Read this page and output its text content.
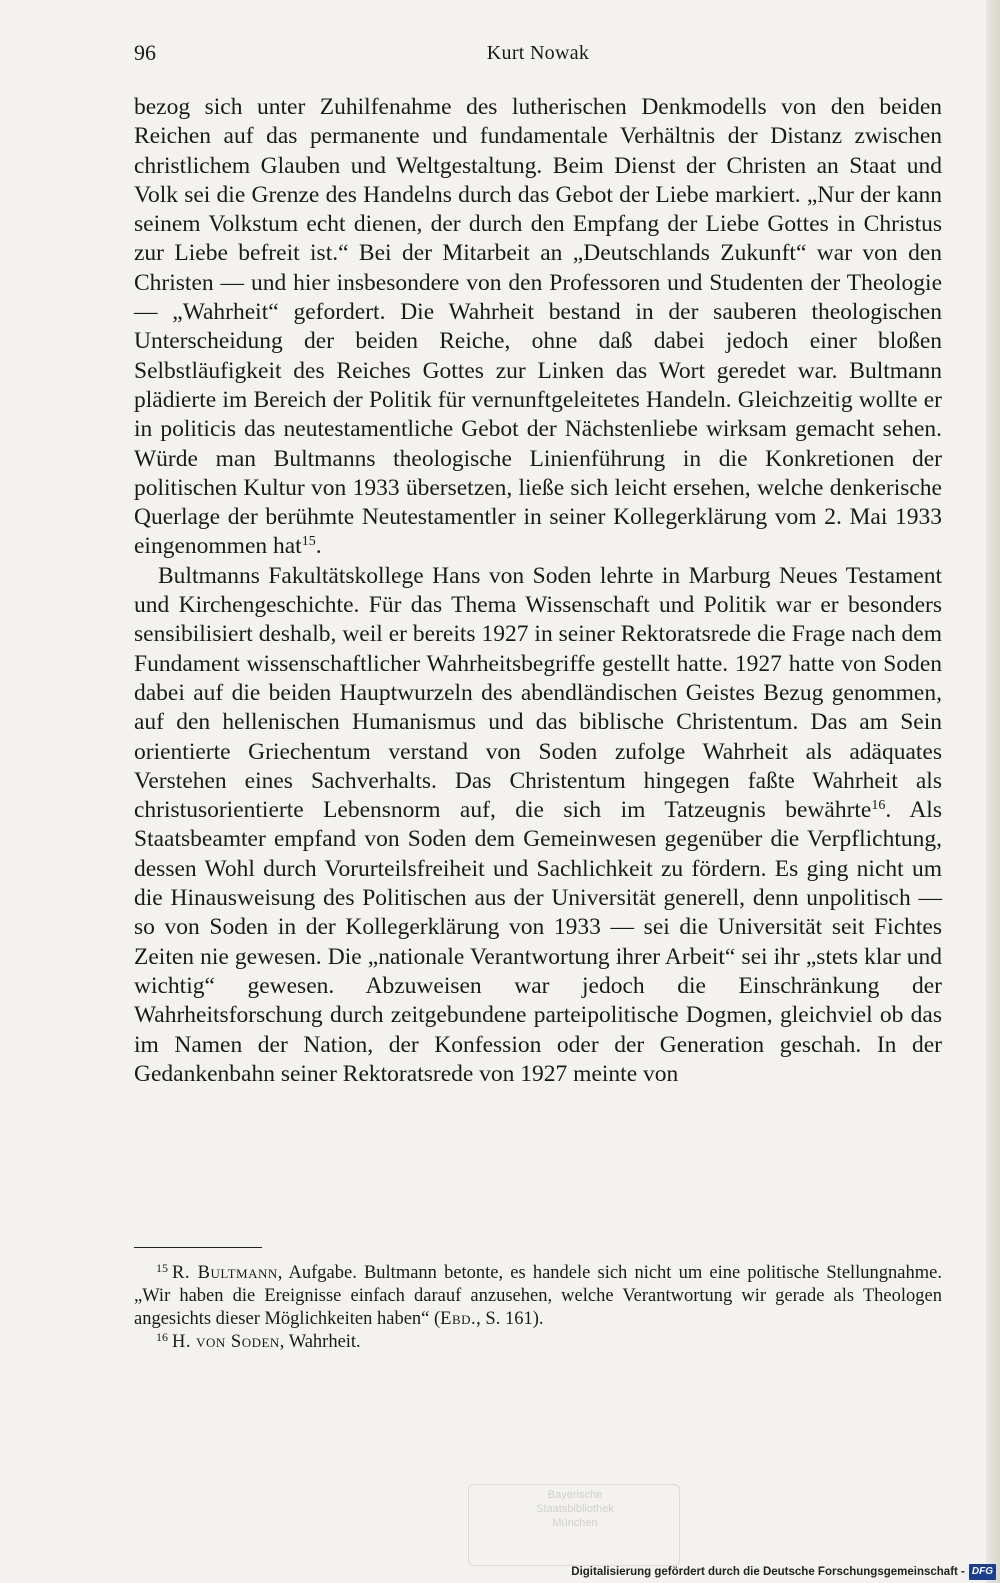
96	Kurt Nowak

bezog sich unter Zuhilfenahme des lutherischen Denkmodells von den beiden Reichen auf das permanente und fundamentale Verhältnis der Distanz zwischen christlichem Glauben und Weltgestaltung. Beim Dienst der Christen an Staat und Volk sei die Grenze des Handelns durch das Gebot der Liebe markiert. „Nur der kann seinem Volkstum echt dienen, der durch den Empfang der Liebe Gottes in Christus zur Liebe befreit ist.“ Bei der Mitarbeit an „Deutschlands Zukunft“ war von den Christen — und hier insbesondere von den Professoren und Studenten der Theologie — „Wahrheit“ gefordert. Die Wahrheit bestand in der sauberen theologischen Unterscheidung der beiden Reiche, ohne daß dabei jedoch einer bloßen Selbstläufigkeit des Reiches Gottes zur Linken das Wort geredet war. Bultmann plädierte im Bereich der Politik für vernunftgeleitetes Handeln. Gleichzeitig wollte er in politicis das neutestamentliche Gebot der Nächstenliebe wirksam gemacht sehen. Würde man Bultmanns theologische Linienführung in die Konkretionen der politischen Kultur von 1933 übersetzen, ließe sich leicht ersehen, welche denkerische Querlage der berühmte Neutestamentler in seiner Kollegerklärung vom 2. Mai 1933 eingenommen hat$^{15}$.

Bultmanns Fakultätskollege Hans von Soden lehrte in Marburg Neues Testament und Kirchengeschichte. Für das Thema Wissenschaft und Politik war er besonders sensibilisiert deshalb, weil er bereits 1927 in seiner Rektoratsrede die Frage nach dem Fundament wissenschaftlicher Wahrheitsbegriffe gestellt hatte. 1927 hatte von Soden dabei auf die beiden Hauptwurzeln des abendländischen Geistes Bezug genommen, auf den hellenischen Humanismus und das biblische Christentum. Das am Sein orientierte Griechentum verstand von Soden zufolge Wahrheit als adäquates Verstehen eines Sachverhalts. Das Christentum hingegen faßte Wahrheit als christusorientierte Lebensnorm auf, die sich im Tatzeugnis bewährte$^{16}$. Als Staatsbeamter empfand von Soden dem Gemeinwesen gegenüber die Verpflichtung, dessen Wohl durch Vorurteilsfreiheit und Sachlichkeit zu fördern. Es ging nicht um die Hinausweisung des Politischen aus der Universität generell, denn unpolitisch — so von Soden in der Kollegerklärung von 1933 — sei die Universität seit Fichtes Zeiten nie gewesen. Die „nationale Verantwortung ihrer Arbeit“ sei ihr „stets klar und wichtig“ gewesen. Abzuweisen war jedoch die Einschränkung der Wahrheitsforschung durch zeitgebundene parteipolitische Dogmen, gleichviel ob das im Namen der Nation, der Konfession oder der Generation geschah. In der Gedankenbahn seiner Rektoratsrede von 1927 meinte von

$^{15}$ R. Bultmann, Aufgabe. Bultmann betonte, es handele sich nicht um eine politische Stellungnahme. „Wir haben die Ereignisse einfach darauf anzusehen, welche Verantwortung wir gerade als Theologen angesichts dieser Möglichkeiten haben“ (Ebd., S. 161).

$^{16}$ H. von Soden, Wahrheit.

Bayerische
Staatsbibliothek
München
Digitalisierung gefördert durch die Deutsche Forschungsgemeinschaft - DFG
